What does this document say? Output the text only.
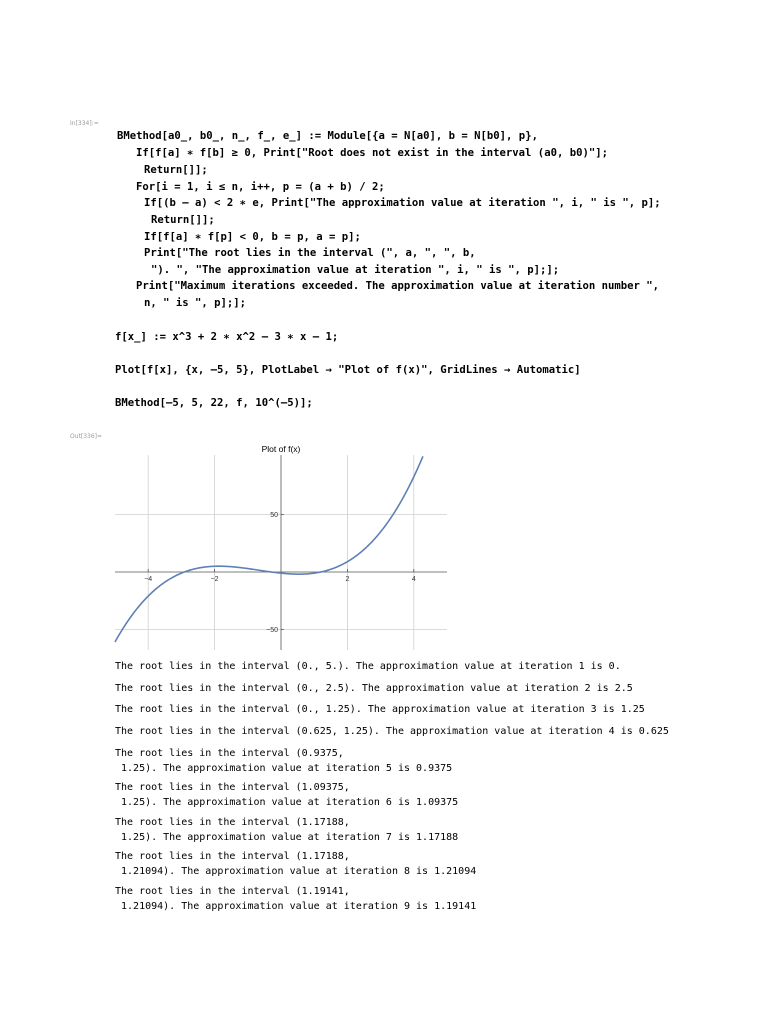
In[334]:=
BMethod[a0_, b0_, n_, f_, e_] := Module[{a = N[a0], b = N[b0], p},
If[f[a] ∗ f[b] ≥ 0, Print["Root does not exist in the interval (a0, b0)"];
Return[]];
For[i = 1, i ≤ n, i++, p = (a + b) / 2;
If[(b – a) < 2 ∗ e, Print["The approximation value at iteration ", i, " is ", p];
Return[]];
If[f[a] ∗ f[p] < 0, b = p, a = p];
Print["The root lies in the interval (", a, ", ", b,
"). ", "The approximation value at iteration ", i, " is ", p];];
Print["Maximum iterations exceeded. The approximation value at iteration number ",
n, " is ", p];];
f[x_] := x^3 + 2 ∗ x^2 – 3 ∗ x – 1;
Plot[f[x], {x, –5, 5}, PlotLabel → "Plot of f(x)", GridLines → Automatic]
BMethod[–5, 5, 22, f, 10^(–5)];
Out[336]=
Plot of f(x)
−4	−2	2	4
−50
50
The root lies in the interval (0., 5.). The approximation value at iteration 1 is 0.
The root lies in the interval (0., 2.5). The approximation value at iteration 2 is 2.5
The root lies in the interval (0., 1.25). The approximation value at iteration 3 is 1.25
The root lies in the interval (0.625, 1.25). The approximation value at iteration 4 is 0.625
The root lies in the interval (0.9375,
1.25). The approximation value at iteration 5 is 0.9375
The root lies in the interval (1.09375,
1.25). The approximation value at iteration 6 is 1.09375
The root lies in the interval (1.17188,
1.25). The approximation value at iteration 7 is 1.17188
The root lies in the interval (1.17188,
1.21094). The approximation value at iteration 8 is 1.21094
The root lies in the interval (1.19141,
1.21094). The approximation value at iteration 9 is 1.19141
